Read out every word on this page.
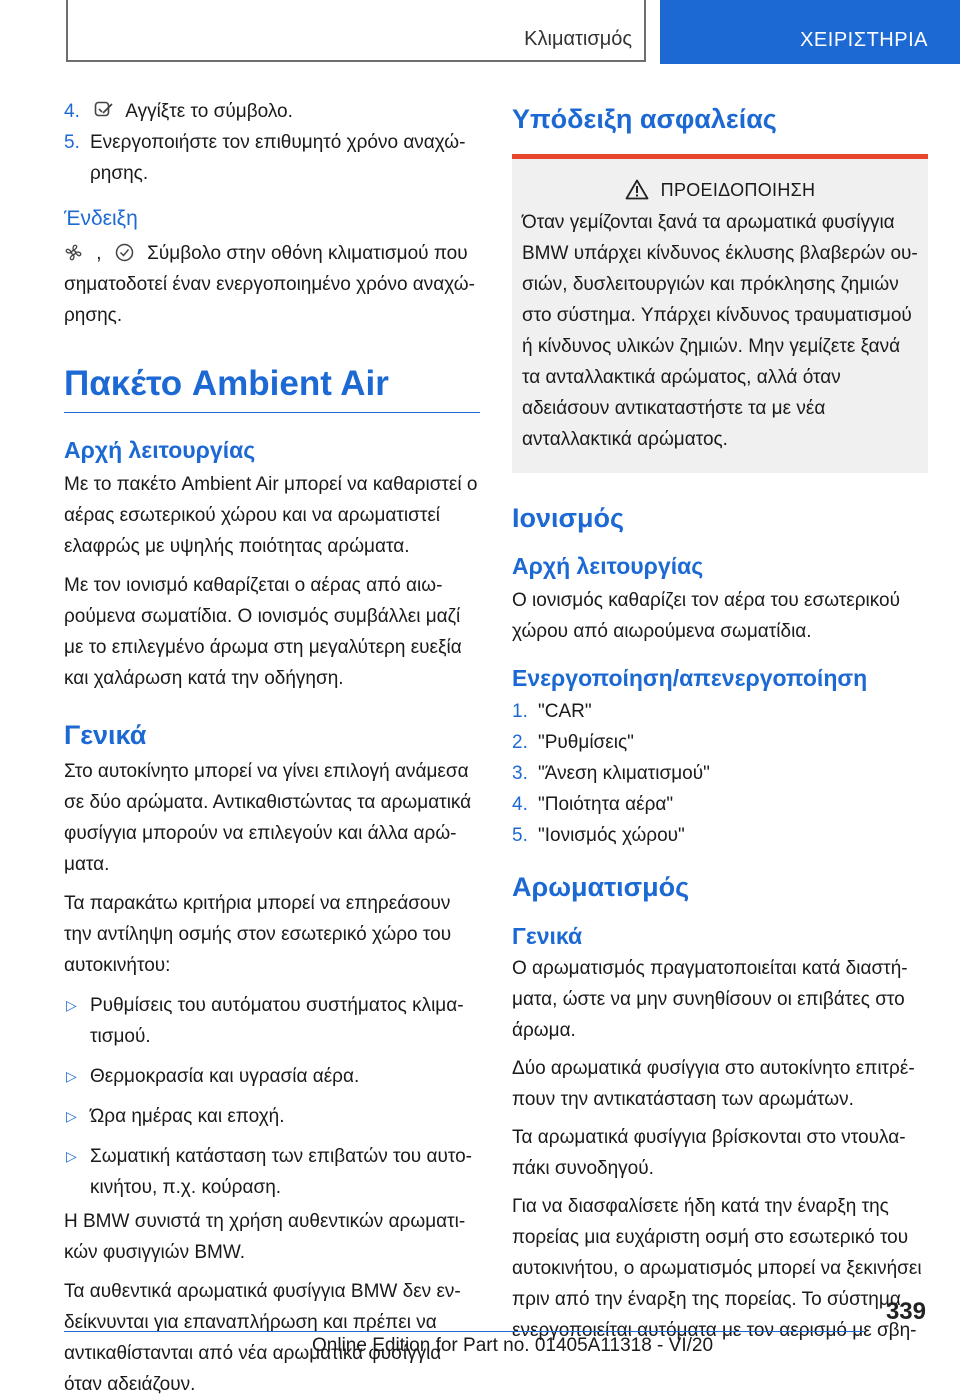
Κλιματισμός	ΧΕΙΡΙΣΤΗΡΙΑ
4. Αγγίξτε το σύμβολο.
5. Ενεργοποιήστε τον επιθυμητό χρόνο αναχώρησης.
Ένδειξη

, Σύμβολο στην οθόνη κλιματισμού που σηματοδοτεί έναν ενεργοποιημένο χρόνο αναχώρησης.

Πακέτο Ambient Air
Αρχή λειτουργίας

Με το πακέτο Ambient Air μπορεί να καθαριστεί ο αέρας εσωτερικού χώρου και να αρωματιστεί ελαφρώς με υψηλής ποιότητας αρώματα.

Με τον ιονισμό καθαρίζεται ο αέρας από αιωρούμενα σωματίδια. Ο ιονισμός συμβάλλει μαζί με το επιλεγμένο άρωμα στη μεγαλύτερη ευεξία και χαλάρωση κατά την οδήγηση.

Γενικά

Στο αυτοκίνητο μπορεί να γίνει επιλογή ανάμεσα σε δύο αρώματα. Αντικαθιστώντας τα αρωματικά φυσίγγια μπορούν να επιλεγούν και άλλα αρώματα.

Τα παρακάτω κριτήρια μπορεί να επηρεάσουν την αντίληψη οσμής στον εσωτερικό χώρο του αυτοκινήτου:

▷ Ρυθμίσεις του αυτόματου συστήματος κλιματισμού.
▷ Θερμοκρασία και υγρασία αέρα.
▷ Ώρα ημέρας και εποχή.
▷ Σωματική κατάσταση των επιβατών του αυτοκινήτου, π.χ. κούραση.

Η BMW συνιστά τη χρήση αυθεντικών αρωματικών φυσιγγιών BMW.

Τα αυθεντικά αρωματικά φυσίγγια BMW δεν ενδείκνυνται για επαναπλήρωση και πρέπει να αντικαθίστανται από νέα αρωματικά φυσίγγια όταν αδειάζουν.

Υπόδειξη ασφαλείας
ΠΡΟΕΙΔΟΠΟΙΗΣΗ

Όταν γεμίζονται ξανά τα αρωματικά φυσίγγια BMW υπάρχει κίνδυνος έκλυσης βλαβερών ουσιών, δυσλειτουργιών και πρόκλησης ζημιών στο σύστημα. Υπάρχει κίνδυνος τραυματισμού ή κίνδυνος υλικών ζημιών. Μην γεμίζετε ξανά τα ανταλλακτικά αρώματος, αλλά όταν αδειάσουν αντικαταστήστε τα με νέα ανταλλακτικά αρώματος.

Ιονισμός
Αρχή λειτουργίας

Ο ιονισμός καθαρίζει τον αέρα του εσωτερικού χώρου από αιωρούμενα σωματίδια.

Ενεργοποίηση/απενεργοποίηση
1. "CAR"
2. "Ρυθμίσεις"
3. "Άνεση κλιματισμού"
4. "Ποιότητα αέρα"
5. "Ιονισμός χώρου"
Αρωματισμός
Γενικά

Ο αρωματισμός πραγματοποιείται κατά διαστήματα, ώστε να μην συνηθίσουν οι επιβάτες στο άρωμα.

Δύο αρωματικά φυσίγγια στο αυτοκίνητο επιτρέπουν την αντικατάσταση των αρωμάτων.

Τα αρωματικά φυσίγγια βρίσκονται στο ντουλαπάκι συνοδηγού.

Για να διασφαλίσετε ήδη κατά την έναρξη της πορείας μια ευχάριστη οσμή στο εσωτερικό του αυτοκινήτου, ο αρωματισμός μπορεί να ξεκινήσει πριν από την έναρξη της πορείας. Το σύστημα ενεργοποιείται αυτόματα με τον αερισμό με σβη-

339
Online Edition for Part no. 01405A11318 - VI/20
